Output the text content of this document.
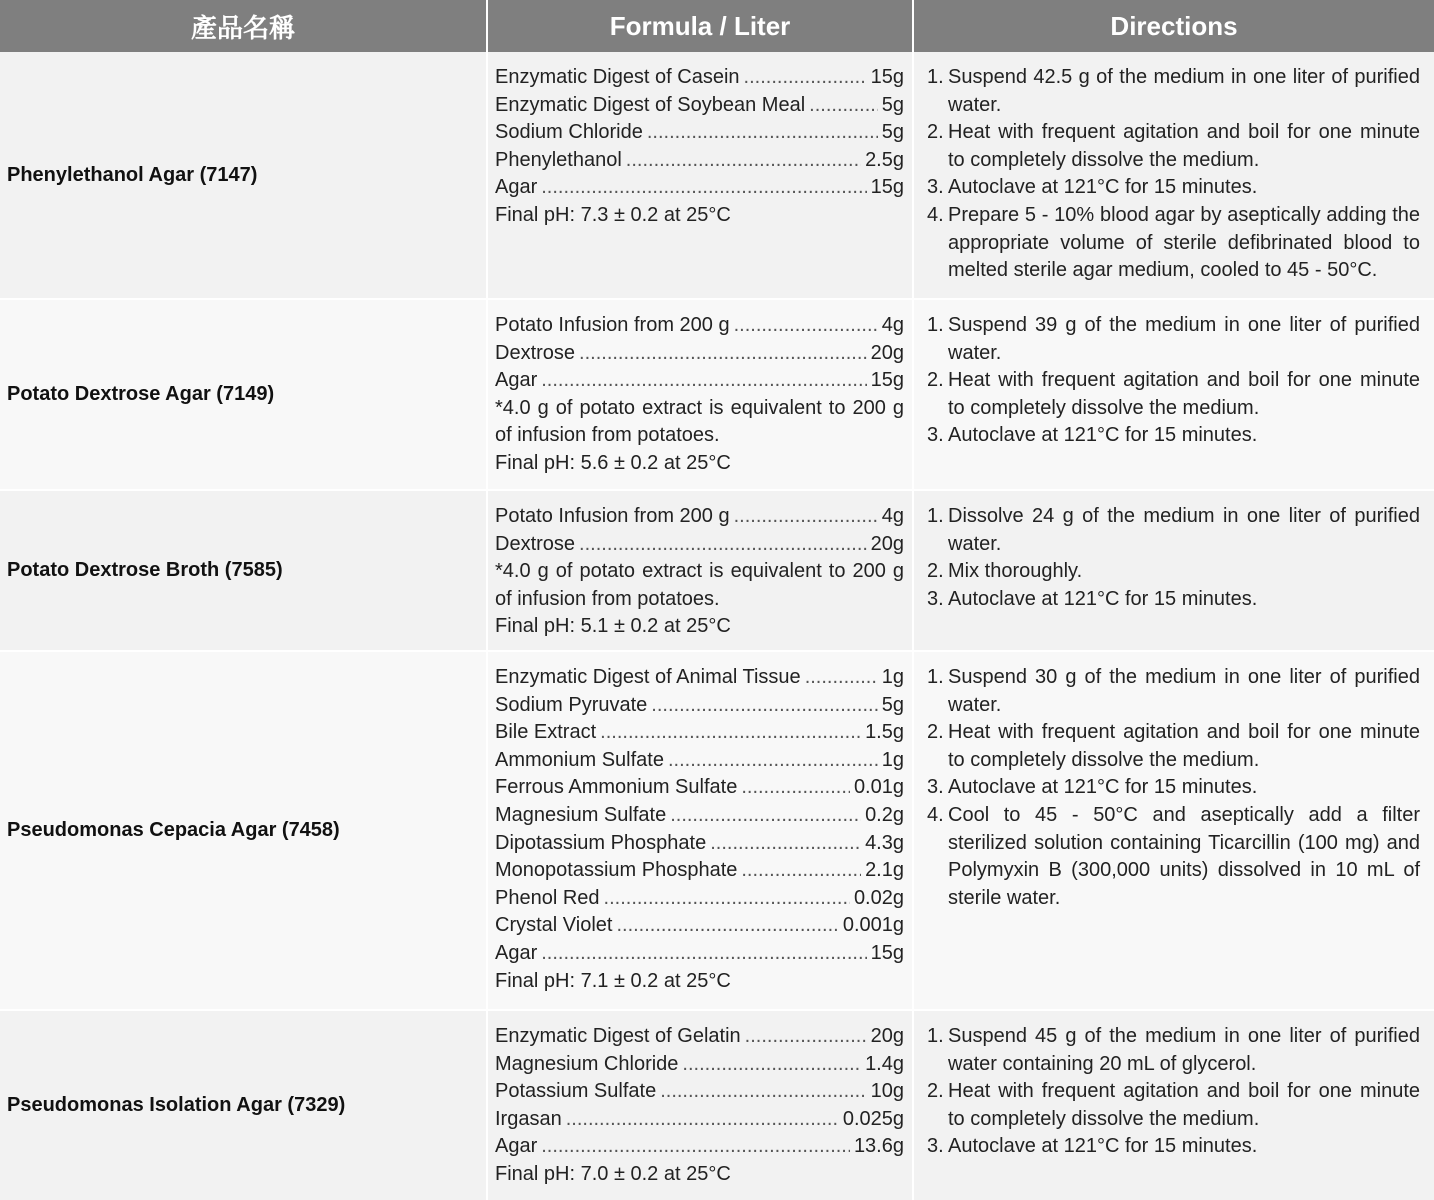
產品名稱	Formula / Liter	Directions
Phenylethanol Agar (7147)
Enzymatic Digest of Casein .....	15g
Enzymatic Digest of Soybean Meal .....	5g
Sodium Chloride .....	5g
Phenylethanol .....	2.5g
Agar .....	15g
Final pH: 7.3 ± 0.2 at 25°C
1. Suspend 42.5 g of the medium in one liter of purified water.
2. Heat with frequent agitation and boil for one minute to completely dissolve the medium.
3. Autoclave at 121°C for 15 minutes.
4. Prepare 5 - 10% blood agar by aseptically adding the appropriate volume of sterile defibrinated blood to melted sterile agar medium, cooled to 45 - 50°C.
Potato Dextrose Agar (7149)
Potato Infusion from 200 g .....	4g
Dextrose .....	20g
Agar .....	15g
*4.0 g of potato extract is equivalent to 200 g of infusion from potatoes.
Final pH: 5.6 ± 0.2 at 25°C
1. Suspend 39 g of the medium in one liter of purified water.
2. Heat with frequent agitation and boil for one minute to completely dissolve the medium.
3. Autoclave at 121°C for 15 minutes.
Potato Dextrose Broth (7585)
Potato Infusion from 200 g .....	4g
Dextrose .....	20g
*4.0 g of potato extract is equivalent to 200 g of infusion from potatoes.
Final pH: 5.1 ± 0.2 at 25°C
1. Dissolve 24 g of the medium in one liter of purified water.
2. Mix thoroughly.
3. Autoclave at 121°C for 15 minutes.
Pseudomonas Cepacia Agar (7458)
Enzymatic Digest of Animal Tissue .....	1g
Sodium Pyruvate .....	5g
Bile Extract .....	1.5g
Ammonium Sulfate .....	1g
Ferrous Ammonium Sulfate .....	0.01g
Magnesium Sulfate .....	0.2g
Dipotassium Phosphate .....	4.3g
Monopotassium Phosphate .....	2.1g
Phenol Red .....	0.02g
Crystal Violet .....	0.001g
Agar .....	15g
Final pH: 7.1 ± 0.2 at 25°C
1. Suspend 30 g of the medium in one liter of purified water.
2. Heat with frequent agitation and boil for one minute to completely dissolve the medium.
3. Autoclave at 121°C for 15 minutes.
4. Cool to 45 - 50°C and aseptically add a filter sterilized solution containing Ticarcillin (100 mg) and Polymyxin B (300,000 units) dissolved in 10 mL of sterile water.
Pseudomonas Isolation Agar (7329)
Enzymatic Digest of Gelatin .....	20g
Magnesium Chloride .....	1.4g
Potassium Sulfate .....	10g
Irgasan .....	0.025g
Agar .....	13.6g
Final pH: 7.0 ± 0.2 at 25°C
1. Suspend 45 g of the medium in one liter of purified water containing 20 mL of glycerol.
2. Heat with frequent agitation and boil for one minute to completely dissolve the medium.
3. Autoclave at 121°C for 15 minutes.
